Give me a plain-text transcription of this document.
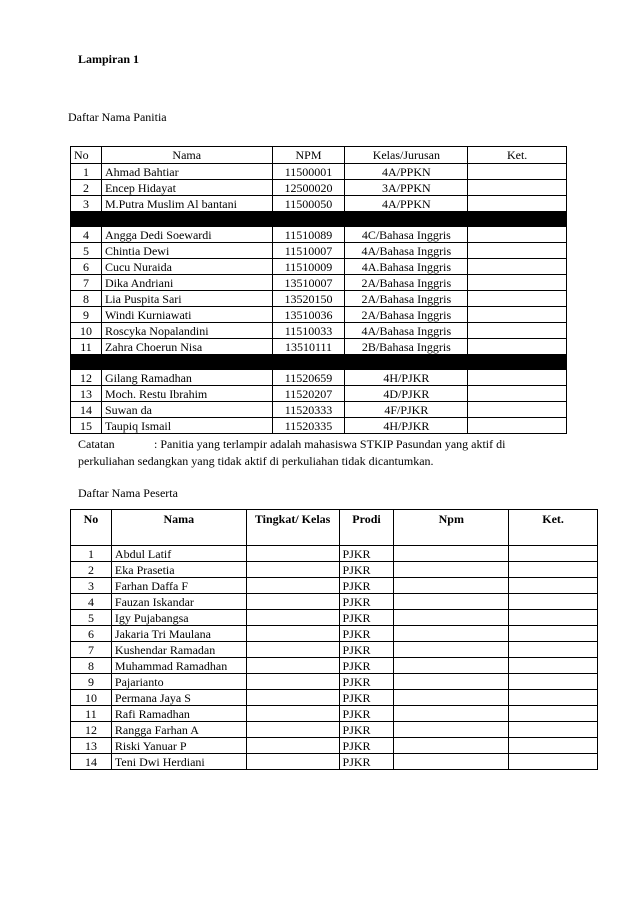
Lampiran 1
Daftar Nama Panitia
No	Nama	NPM	Kelas/Jurusan	Ket.
1	Ahmad Bahtiar	11500001	4A/PPKN	
2	Encep Hidayat	12500020	3A/PPKN	
3	M.Putra Muslim Al bantani	11500050	4A/PPKN	

4	Angga Dedi Soewardi	11510089	4C/Bahasa Inggris	
5	Chintia Dewi	11510007	4A/Bahasa Inggris	
6	Cucu Nuraida	11510009	4A.Bahasa Inggris	
7	Dika Andriani	13510007	2A/Bahasa Inggris	
8	Lia Puspita Sari	13520150	2A/Bahasa Inggris	
9	Windi Kurniawati	13510036	2A/Bahasa Inggris	
10	Roscyka Nopalandini	11510033	4A/Bahasa Inggris	
11	Zahra Choerun Nisa	13510111	2B/Bahasa Inggris	

12	Gilang Ramadhan	11520659	4H/PJKR	
13	Moch. Restu Ibrahim	11520207	4D/PJKR	
14	Suwan da	11520333	4F/PJKR	
15	Taupiq Ismail	11520335	4H/PJKR	
Catatan	: Panitia yang terlampir adalah mahasiswa STKIP Pasundan yang aktif di
perkuliahan sedangkan yang tidak aktif di perkuliahan tidak dicantumkan.
Daftar Nama Peserta
No	Nama	Tingkat/ Kelas	Prodi	Npm	Ket.
1	Abdul Latif		PJKR		
2	Eka Prasetia		PJKR		
3	Farhan Daffa F		PJKR		
4	Fauzan Iskandar		PJKR		
5	Igy Pujabangsa		PJKR		
6	Jakaria Tri Maulana		PJKR		
7	Kushendar Ramadan		PJKR		
8	Muhammad Ramadhan		PJKR		
9	Pajarianto		PJKR		
10	Permana Jaya S		PJKR		
11	Rafi Ramadhan		PJKR		
12	Rangga Farhan A		PJKR		
13	Riski Yanuar P		PJKR		
14	Teni Dwi Herdiani		PJKR		
